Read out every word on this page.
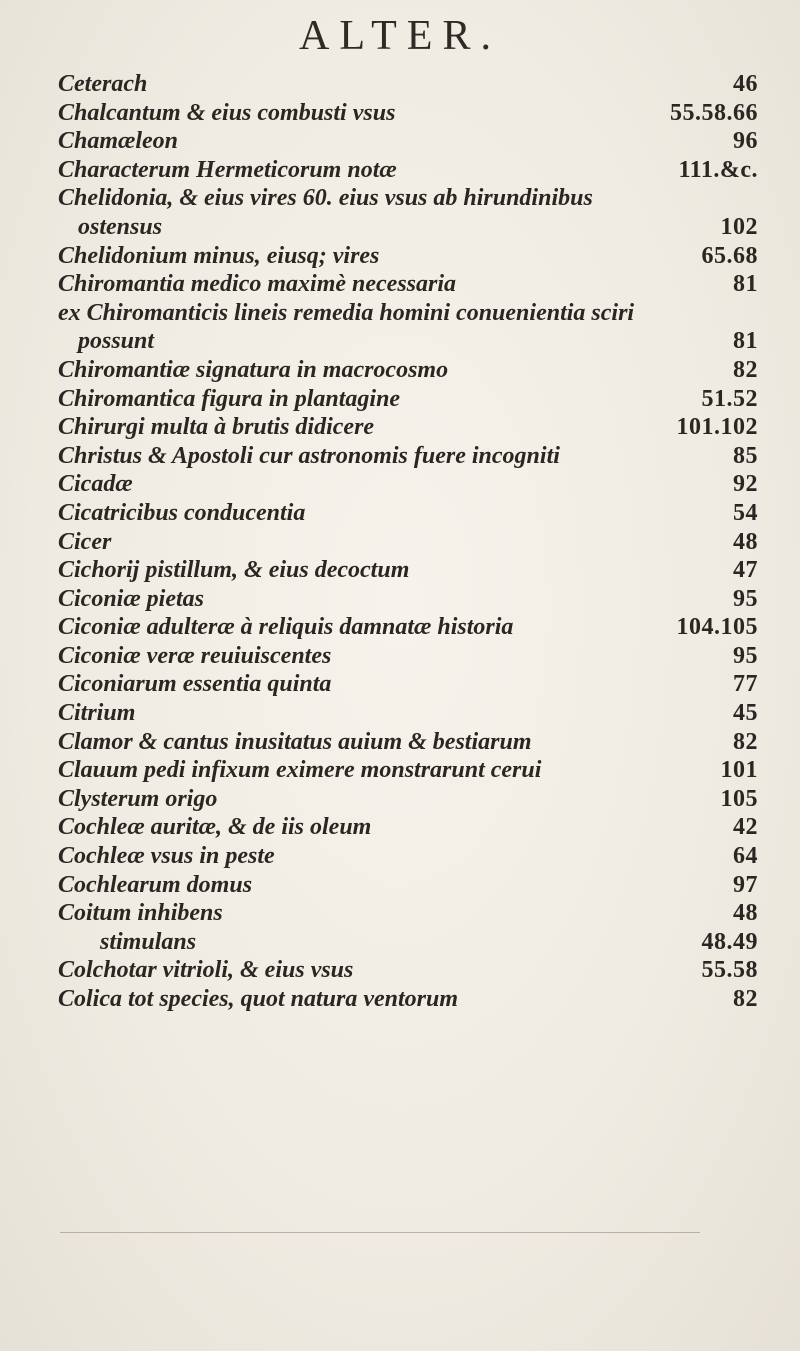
ALTER.
Ceterach	46
Chalcantum & eius combusti vsus	55.58.66
Chamæleon	96
Characterum Hermeticorum notæ	111.&c.
Chelidonia, & eius vires 60. eius vsus ab hirundinibus
ostensus	102
Chelidonium minus, eiusq; vires	65.68
Chiromantia medico maximè necessaria	81
ex Chiromanticis lineis remedia homini conuenientia sciri
possunt	81
Chiromantiæ signatura in macrocosmo	82
Chiromantica figura in plantagine	51.52
Chirurgi multa à brutis didicere	101.102
Christus & Apostoli cur astronomis fuere incogniti	85
Cicadæ	92
Cicatricibus conducentia	54
Cicer	48
Cichorij pistillum, & eius decoctum	47
Ciconiæ pietas	95
Ciconiæ adulteræ à reliquis damnatæ historia	104.105
Ciconiæ veræ reuiuiscentes	95
Ciconiarum essentia quinta	77
Citrium	45
Clamor & cantus inusitatus auium & bestiarum	82
Clauum pedi infixum eximere monstrarunt cerui	101
Clysterum origo	105
Cochleæ auritæ, & de iis oleum	42
Cochleæ vsus in peste	64
Cochlearum domus	97
Coitum inhibens	48
stimulans	48.49
Colchotar vitrioli, & eius vsus	55.58
Colica tot species, quot natura ventorum	82
